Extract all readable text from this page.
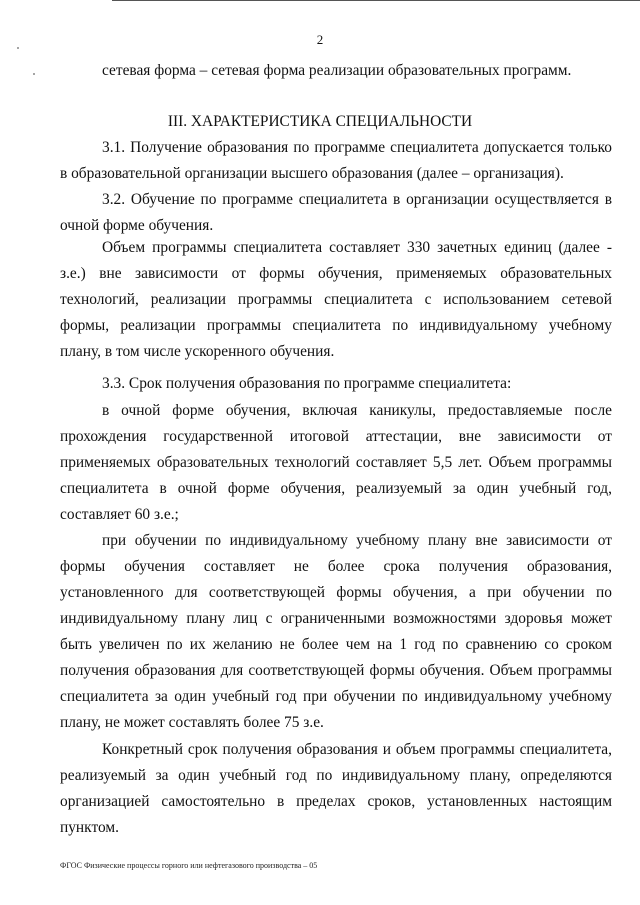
2

сетевая форма – сетевая форма реализации образовательных программ.

III. ХАРАКТЕРИСТИКА СПЕЦИАЛЬНОСТИ

3.1. Получение образования по программе специалитета допускается только в образовательной организации высшего образования (далее – организация).

3.2. Обучение по программе специалитета в организации осуществляется в очной форме обучения.

Объем программы специалитета составляет 330 зачетных единиц (далее - з.е.) вне зависимости от формы обучения, применяемых образовательных технологий, реализации программы специалитета с использованием сетевой формы, реализации программы специалитета по индивидуальному учебному плану, в том числе ускоренного обучения.

3.3. Срок получения образования по программе специалитета:

в очной форме обучения, включая каникулы, предоставляемые после прохождения государственной итоговой аттестации, вне зависимости от применяемых образовательных технологий составляет 5,5 лет. Объем программы специалитета в очной форме обучения, реализуемый за один учебный год, составляет 60 з.е.;

при обучении по индивидуальному учебному плану вне зависимости от формы обучения составляет не более срока получения образования, установленного для соответствующей формы обучения, а при обучении по индивидуальному плану лиц с ограниченными возможностями здоровья может быть увеличен по их желанию не более чем на 1 год по сравнению со сроком получения образования для соответствующей формы обучения. Объем программы специалитета за один учебный год при обучении по индивидуальному учебному плану, не может составлять более 75 з.е.

Конкретный срок получения образования и объем программы специалитета, реализуемый за один учебный год по индивидуальному плану, определяются организацией самостоятельно в пределах сроков, установленных настоящим пунктом.

ФГОС Физические процессы горного или нефтегазового производства – 05
